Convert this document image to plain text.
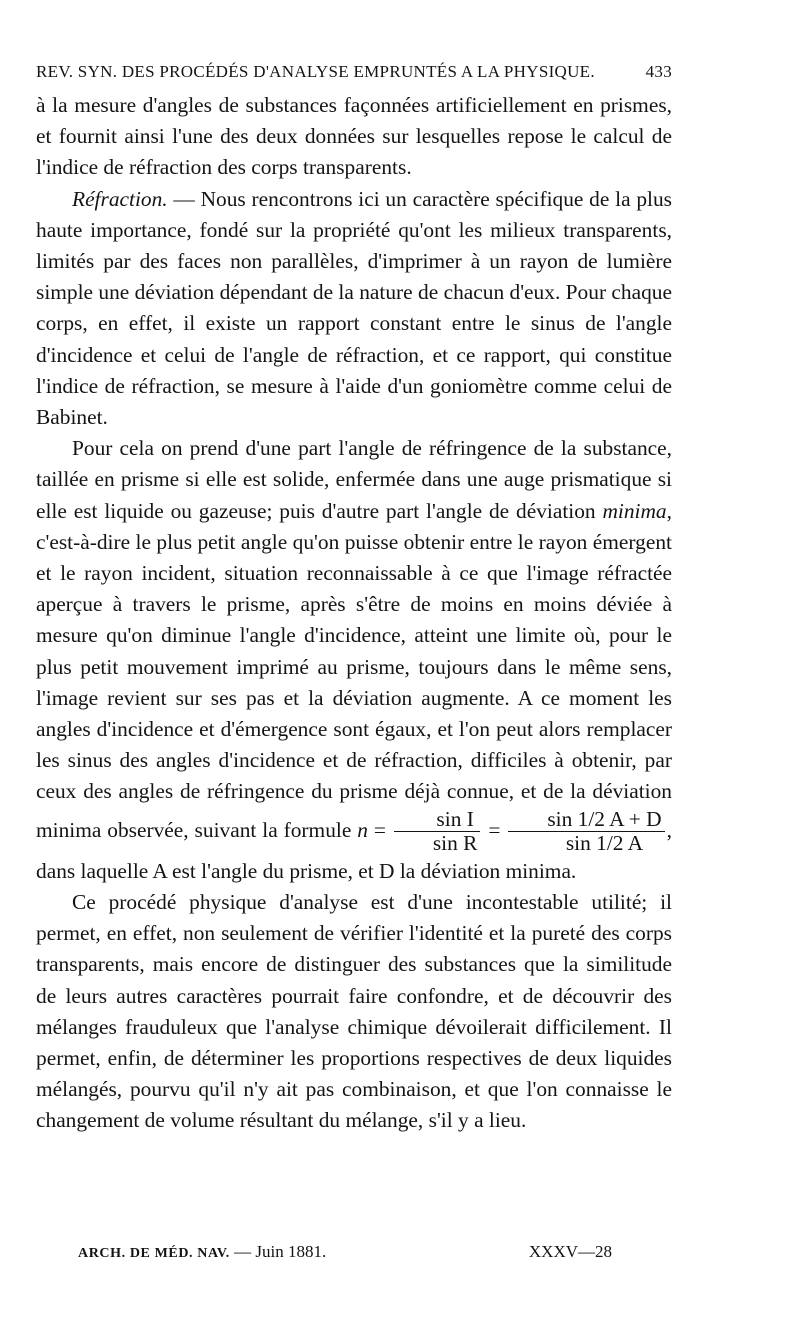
REV. SYN. DES PROCÉDÉS D'ANALYSE EMPRUNTÉS A LA PHYSIQUE.	433

à la mesure d'angles de substances façonnées artificiellement en prismes, et fournit ainsi l'une des deux données sur lesquelles repose le calcul de l'indice de réfraction des corps transparents.

Réfraction. — Nous rencontrons ici un caractère spécifique de la plus haute importance, fondé sur la propriété qu'ont les milieux transparents, limités par des faces non parallèles, d'imprimer à un rayon de lumière simple une déviation dépendant de la nature de chacun d'eux. Pour chaque corps, en effet, il existe un rapport constant entre le sinus de l'angle d'incidence et celui de l'angle de réfraction, et ce rapport, qui constitue l'indice de réfraction, se mesure à l'aide d'un goniomètre comme celui de Babinet.

Pour cela on prend d'une part l'angle de réfringence de la substance, taillée en prisme si elle est solide, enfermée dans une auge prismatique si elle est liquide ou gazeuse; puis d'autre part l'angle de déviation minima, c'est-à-dire le plus petit angle qu'on puisse obtenir entre le rayon émergent et le rayon incident, situation reconnaissable à ce que l'image réfractée aperçue à travers le prisme, après s'être de moins en moins déviée à mesure qu'on diminue l'angle d'incidence, atteint une limite où, pour le plus petit mouvement imprimé au prisme, toujours dans le même sens, l'image revient sur ses pas et la déviation augmente. A ce moment les angles d'incidence et d'émergence sont égaux, et l'on peut alors remplacer les sinus des angles d'incidence et de réfraction, difficiles à obtenir, par ceux des angles de réfringence du prisme déjà connue, et de la déviation minima observée, suivant la formule $n = \frac{\text{sin I}}{\text{sin R}} = \frac{\sin 1/2 A + D}{\sin 1/2 A}$ , dans laquelle A est l'angle du prisme, et D la déviation minima.

Ce procédé physique d'analyse est d'une incontestable utilité; il permet, en effet, non seulement de vérifier l'identité et la pureté des corps transparents, mais encore de distinguer des substances que la similitude de leurs autres caractères pourrait faire confondre, et de découvrir des mélanges frauduleux que l'analyse chimique dévoilerait difficilement. Il permet, enfin, de déterminer les proportions respectives de deux liquides mélangés, pourvu qu'il n'y ait pas combinaison, et que l'on connaisse le changement de volume résultant du mélange, s'il y a lieu.

ARCH. DE MÉD. NAV. — Juin 1881.	XXXV—28
